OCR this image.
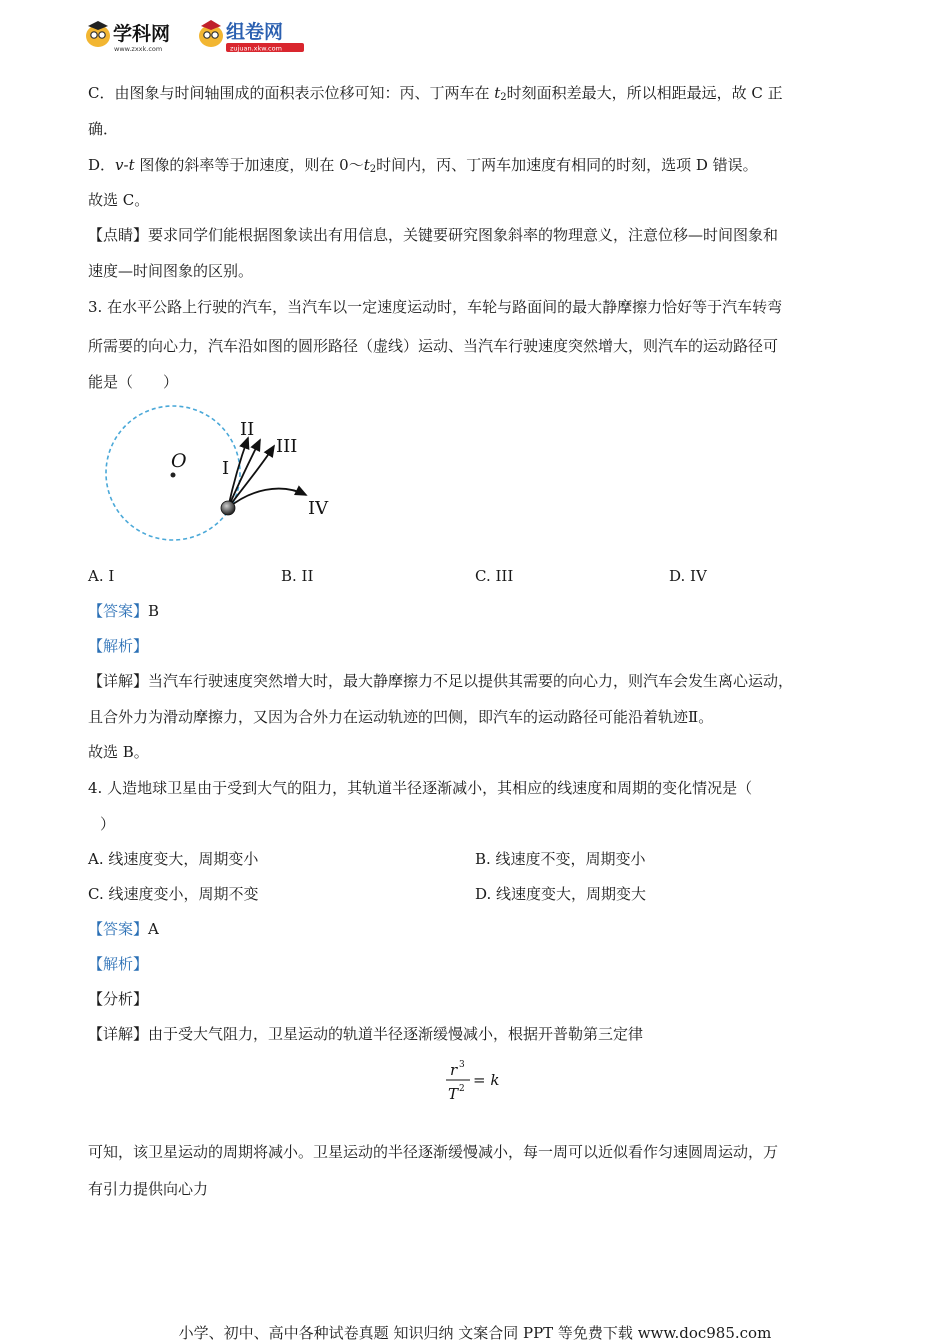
学科网
www.zxxk.com
组卷网
zujuan.xkw.com
C．由图象与时间轴围成的面积表示位移可知：丙、丁两车在 $t_2$时刻面积差最大，所以相距最远，故 C 正
确．
D．v-t 图像的斜率等于加速度，则在 $0\sim t_2$时间内，丙、丁两车加速度有相同的时刻，选项 D 错误。
故选 C。
【点睛】要求同学们能根据图象读出有用信息，关键要研究图象斜率的物理意义，注意位移—时间图象和
速度—时间图象的区别。
3. 在水平公路上行驶的汽车，当汽车以一定速度运动时，车轮与路面间的最大静摩擦力恰好等于汽车转弯
所需要的向心力，汽车沿如图的圆形路径（虚线）运动、当汽车行驶速度突然增大，则汽车的运动路径可
能是（　　）
O I
II
III
IV
A. I	B. II	C. III	D. IV
【答案】B
【解析】
【详解】当汽车行驶速度突然增大时，最大静摩擦力不足以提供其需要的向心力，则汽车会发生离心运动，
且合外力为滑动摩擦力，又因为合外力在运动轨迹的凹侧，即汽车的运动路径可能沿着轨迹Ⅱ。
故选 B。
4. 人造地球卫星由于受到大气的阻力，其轨道半径逐渐减小，其相应的线速度和周期的变化情况是（
）
A. 线速度变大，周期变小	B. 线速度不变，周期变小
C. 线速度变小，周期不变	D. 线速度变大，周期变大
【答案】A
【解析】
【分析】
【详解】由于受大气阻力，卫星运动的轨道半径逐渐缓慢减小，根据开普勒第三定律
r 3
T 2 = k
可知，该卫星运动的周期将减小。卫星运动的半径逐渐缓慢减小，每一周可以近似看作匀速圆周运动，万
有引力提供向心力
小学、初中、高中各种试卷真题 知识归纳 文案合同 PPT 等免费下载 www.doc985.com
